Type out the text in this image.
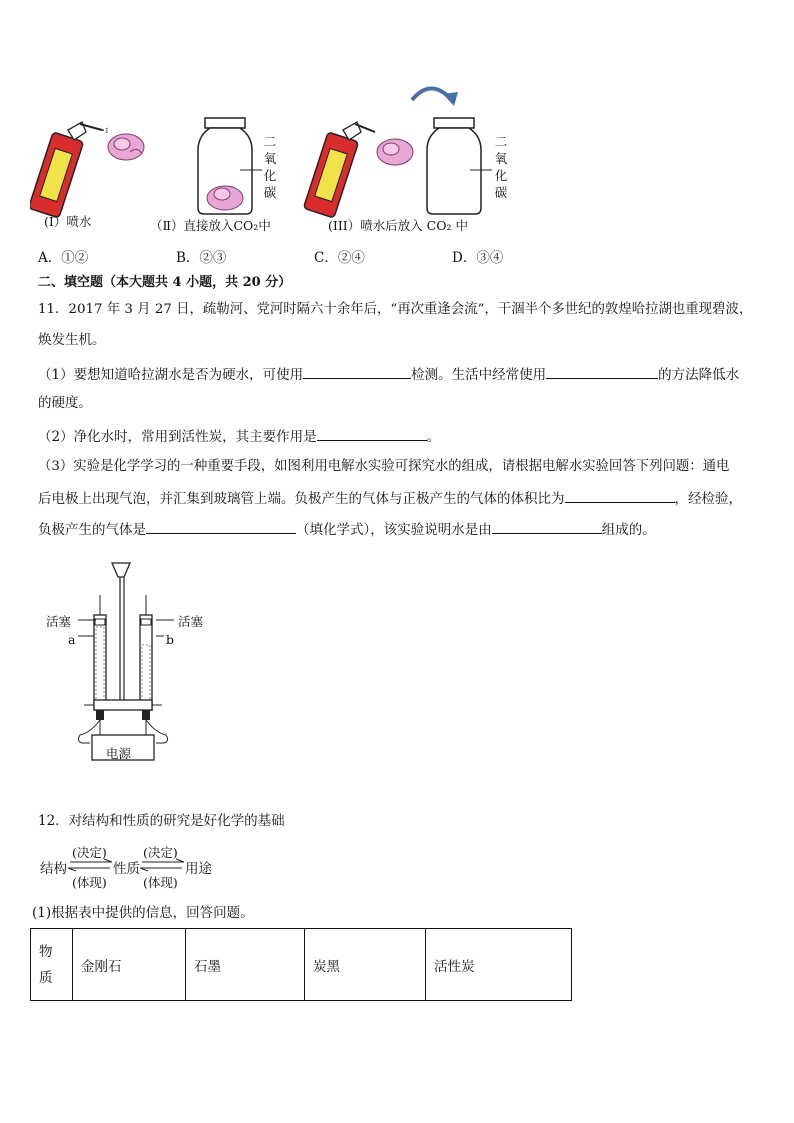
二
氧
化
碳
二
氧
化
碳
(I）喷水	（Ⅱ）直接放入CO₂中	(III）喷水后放入 CO₂ 中
A．①②	B．②③	C．②④	D．③④
二、填空题（本大题共 4 小题，共 20 分）
11．2017 年 3 月 27 日，疏勒河、党河时隔六十余年后，“再次重逢会流”，干涸半个多世纪的敦煌哈拉湖也重现碧波，
焕发生机。
（1）要想知道哈拉湖水是否为硬水，可使用	检测。生活中经常使用	的方法降低水
的硬度。
（2）净化水时，常用到活性炭，其主要作用是	。
（3）实验是化学学习的一种重要手段，如图利用电解水实验可探究水的组成，请根据电解水实验回答下列问题：通电
后电极上出现气泡，并汇集到玻璃管上端。负极产生的气体与正极产生的气体的体积比为	，经检验，
负极产生的气体是	（填化学式），该实验说明水是由	组成的。
活塞	活塞
a	b
电源
12．对结构和性质的研究是好化学的基础
结构
(决定)
(体现)
性质
(决定)
(体现)
用途
(1)根据表中提供的信息，回答问题。
物
质
	金刚石	石墨	炭黑	活性炭
